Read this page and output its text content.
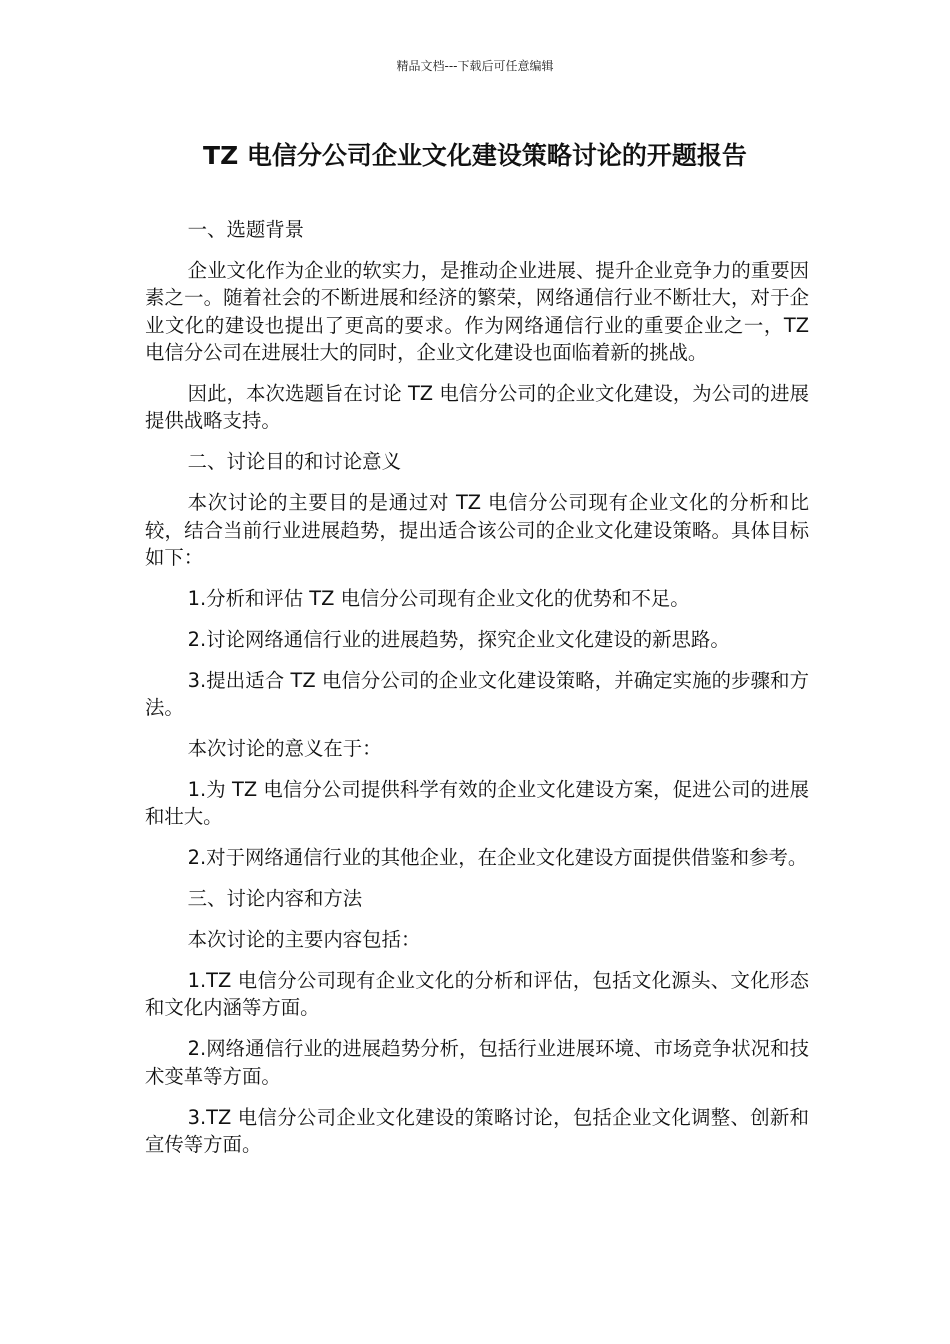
精品文档---下载后可任意编辑
TZ 电信分公司企业文化建设策略讨论的开题报告

一、选题背景

企业文化作为企业的软实力，是推动企业进展、提升企业竞争力的重要因素之一。随着社会的不断进展和经济的繁荣，网络通信行业不断壮大，对于企业文化的建设也提出了更高的要求。作为网络通信行业的重要企业之一，TZ 电信分公司在进展壮大的同时，企业文化建设也面临着新的挑战。

因此，本次选题旨在讨论 TZ 电信分公司的企业文化建设，为公司的进展提供战略支持。

二、讨论目的和讨论意义

本次讨论的主要目的是通过对 TZ 电信分公司现有企业文化的分析和比较，结合当前行业进展趋势，提出适合该公司的企业文化建设策略。具体目标如下：

1.分析和评估 TZ 电信分公司现有企业文化的优势和不足。

2.讨论网络通信行业的进展趋势，探究企业文化建设的新思路。

3.提出适合 TZ 电信分公司的企业文化建设策略，并确定实施的步骤和方法。

本次讨论的意义在于：

1.为 TZ 电信分公司提供科学有效的企业文化建设方案，促进公司的进展和壮大。

2.对于网络通信行业的其他企业，在企业文化建设方面提供借鉴和参考。

三、讨论内容和方法

本次讨论的主要内容包括：

1.TZ 电信分公司现有企业文化的分析和评估，包括文化源头、文化形态和文化内涵等方面。

2.网络通信行业的进展趋势分析，包括行业进展环境、市场竞争状况和技术变革等方面。

3.TZ 电信分公司企业文化建设的策略讨论，包括企业文化调整、创新和宣传等方面。
